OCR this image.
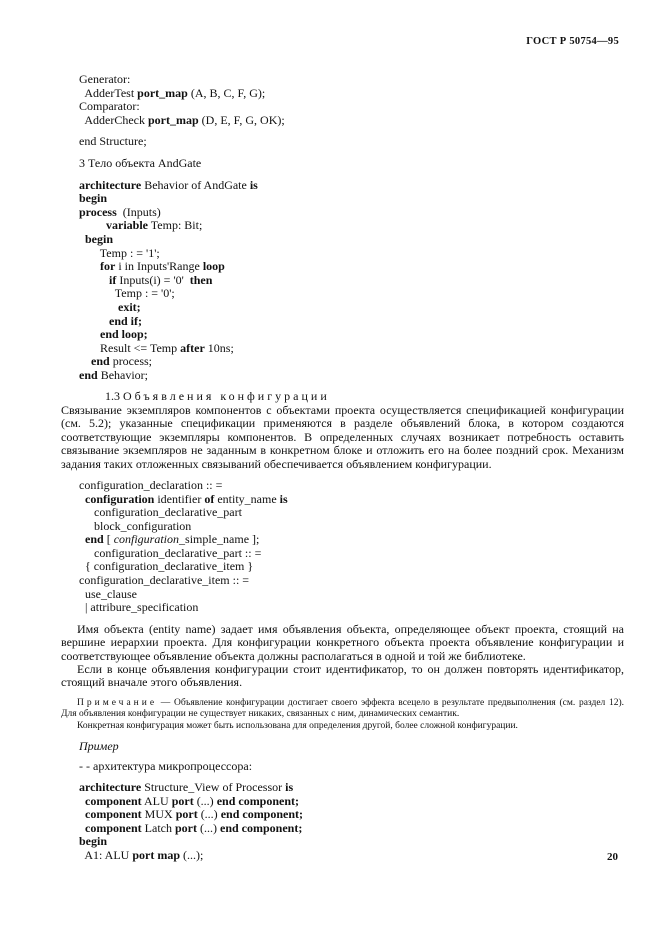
ГОСТ Р 50754—95
Generator:
AdderTest port_map (A, B, C, F, G);
Comparator:
AdderCheck port_map (D, E, F, G, OK);
end Structure;
3 Тело объекта AndGate
architecture Behavior of AndGate is
begin
process (Inputs)
variable Temp: Bit;
begin
Temp : = '1';
for i in Inputs'Range loop
if Inputs(i) = '0' then
Temp : = '0';
exit;
end if;
end loop;
Result <= Temp after 10ns;
end process;
end Behavior;
1.3 Объявления конфигурации
Связывание экземпляров компонентов с объектами проекта осуществляется спецификацией конфигурации (см. 5.2); указанные спецификации применяются в разделе объявлений блока, в котором создаются соответствующие экземпляры компонентов. В определенных случаях возникает потребность оставить связывание экземпляров не заданным в конкретном блоке и отложить его на более поздний срок. Механизм задания таких отложенных связываний обеспечивается объявлением конфигурации.
configuration_declaration :: =
configuration identifier of entity_name is
configuration_declarative_part
block_configuration
end [ configuration_simple_name ];
configuration_declarative_part :: =
{ configuration_declarative_item }
configuration_declarative_item :: =
use_clause
| attribure_specification
Имя объекта (entity name) задает имя объявления объекта, определяющее объект проекта, стоящий на вершине иерархии проекта. Для конфигурации конкретного объекта проекта объявление конфигурации и соответствующее объявление объекта должны располагаться в одной и той же библиотеке.
Если в конце объявления конфигурации стоит идентификатор, то он должен повторять идентификатор, стоящий вначале этого объявления.
Примечание — Объявление конфигурации достигает своего эффекта всецело в результате предвыполнения (см. раздел 12). Для объявления конфигурации не существует никаких, связанных с ним, динамических семантик.
Конкретная конфигурация может быть использована для определения другой, более сложной конфигурации.
Пример
- - архитектура микропроцессора:
architecture Structure_View of Processor is
component ALU port (...) end component;
component MUX port (...) end component;
component Latch port (...) end component;
begin
A1: ALU port map (...);	20
